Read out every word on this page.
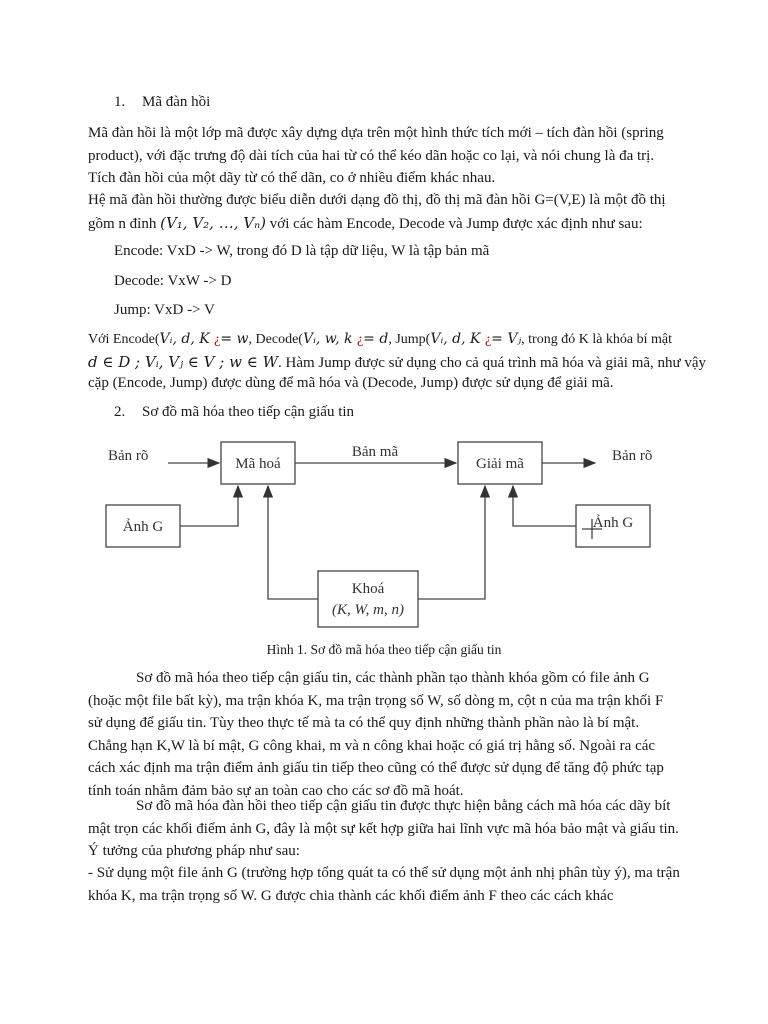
1. Mã đàn hồi

Mã đàn hồi là một lớp mã được xây dựng dựa trên một hình thức tích mới – tích đàn hồi (spring product), với đặc trưng độ dài tích của hai từ có thể kéo dãn hoặc co lại, và nói chung là đa trị. Tích đàn hồi của một dãy từ có thể dãn, co ở nhiều điểm khác nhau.

Hệ mã đàn hồi thường được biểu diễn dưới dạng đồ thị, đồ thị mã đàn hồi G=(V,E) là một đồ thị
gồm n đỉnh (V₁, V₂, …, Vₙ) với các hàm Encode, Decode và Jump được xác định như sau:
Encode: VxD -> W, trong đó D là tập dữ liệu, W là tập bản mã
Decode: VxW -> D
Jump: VxD -> V
Với Encode(Vᵢ, d, K ¿= w, Decode(Vᵢ, w, k ¿= d, Jump(Vᵢ, d, K ¿= Vⱼ, trong đó K là khóa bí mật
d ∈ D ; Vᵢ, Vⱼ ∈ V ; w ∈ W. Hàm Jump được sử dụng cho cả quá trình mã hóa và giải mã, như vậy
cặp (Encode, Jump) được dùng để mã hóa và (Decode, Jump) được sử dụng để giải mã.
2. Sơ đồ mã hóa theo tiếp cận giấu tin
Bản rõ	Mã hoá
Bản mã
Giải mã	Bản rõ
Ảnh G	Ảnh G
Khoá
(K, W, m, n)
Hình 1. Sơ đồ mã hóa theo tiếp cận giấu tin

Sơ đồ mã hóa theo tiếp cận giấu tin, các thành phần tạo thành khóa gồm có file ảnh G (hoặc một file bất kỳ), ma trận khóa K, ma trận trọng số W, số dòng m, cột n của ma trận khối F sử dụng để giấu tin. Tùy theo thực tế mà ta có thể quy định những thành phần nào là bí mật. Chẳng hạn K,W là bí mật, G công khai, m và n công khai hoặc có giá trị hằng số. Ngoài ra các cách xác định ma trận điểm ảnh giấu tin tiếp theo cũng có thể được sử dụng để tăng độ phức tạp tính toán nhằm đảm bảo sự an toàn cao cho các sơ đồ mã hoát.

Sơ đồ mã hóa đàn hồi theo tiếp cận giấu tin được thực hiện bằng cách mã hóa các dãy bít mật trọn các khối điểm ảnh G, đây là một sự kết hợp giữa hai lĩnh vực mã hóa bảo mật và giấu tin. Ý tưởng của phương pháp như sau:

- Sử dụng một file ảnh G (trường hợp tổng quát ta có thể sử dụng một ảnh nhị phân tùy ý), ma trận khóa K, ma trận trọng số W. G được chia thành các khối điểm ảnh F theo các cách khác
